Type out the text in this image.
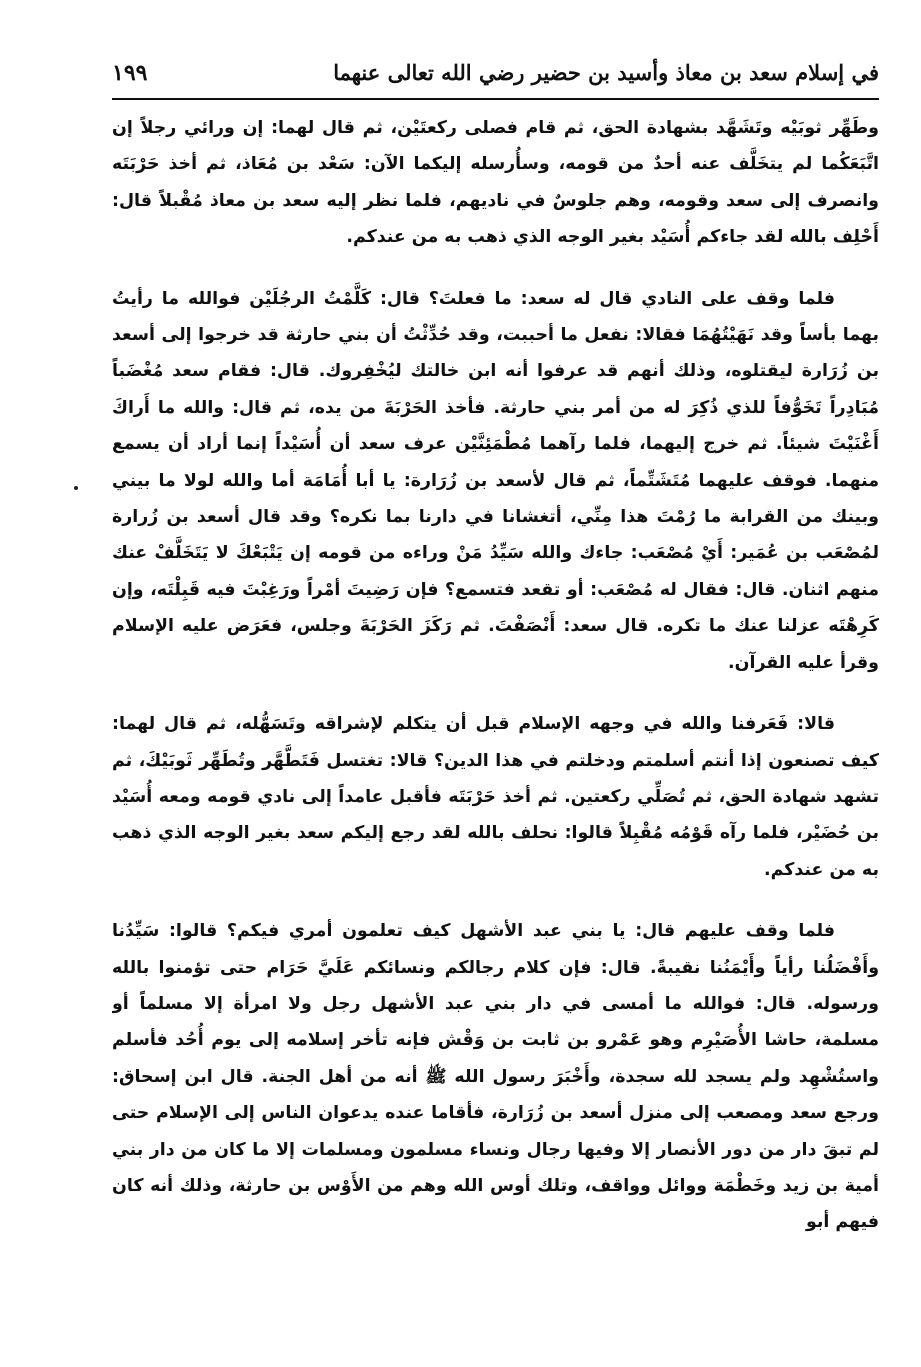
في إسلام سعد بن معاذ وأسيد بن حضير رضي الله تعالى عنهما
١٩٩

وطَهِّر ثوبَيْه وتَشَهَّد بشهادة الحق، ثم قام فصلى ركعتَيْن، ثم قال لهما: إن ورائي رجلاً إن اتَّبَعَكُما لم يتخَلَّف عنه أحدٌ من قومه، وسأُرسله إليكما الآن: سَعْد بن مُعَاذ، ثم أخذ حَرْبَتَه وانصرف إلى سعد وقومه، وهم جلوسٌ في ناديهم، فلما نظر إليه سعد بن معاذ مُقْبلاً قال: أَحْلِف بالله لقد جاءكم أُسَيْد بغير الوجه الذي ذهب به من عندكم.

فلما وقف على النادي قال له سعد: ما فعلتَ؟ قال: كَلَّمْتُ الرجُلَيْن فوالله ما رأيتُ بهما بأساً وقد نَهَيْتُهُمَا فقالا: نفعل ما أحببت، وقد حُدِّثْتُ أن بني حارثة قد خرجوا إلى أسعد بن زُرَارة ليقتلوه، وذلك أنهم قد عرفوا أنه ابن خالتك ليُخْفِروك. قال: فقام سعد مُغْضَباً مُبَادِراً تَخَوُّفاً للذي ذُكِرَ له من أمر بني حارثة. فأخذ الحَرْبَةَ من يده، ثم قال: والله ما أَراكَ أَغْنَيْتَ شيئاً. ثم خرج إليهما، فلما رآهما مُطْمَئِنَّيْن عرف سعد أن أُسَيْداً إنما أراد أن يسمع منهما. فوقف عليهما مُتَشَتِّماً، ثم قال لأسعد بن زُرَارة: يا أبا أُمَامَة أما والله لولا ما بيني وبينك من القرابة ما رُمْتَ هذا مِنِّي، أتغشانا في دارنا بما نكره؟ وقد قال أسعد بن زُرارة لمُصْعَب بن عُمَير: أَيْ مُصْعَب: جاءك والله سَيِّدُ مَنْ وراءه من قومه إن يَتْبَعْكَ لا يَتَخَلَّفْ عنك منهم اثنان. قال: فقال له مُصْعَب: أو تقعد فتسمع؟ فإن رَضِيتَ أمْراً ورَغِبْتَ فيه قَبِلْتَه، وإن كَرِهْتَه عزلنا عنك ما تكره. قال سعد: أَنْصَفْتَ. ثم رَكَزَ الحَرْبَةَ وجلس، فعَرَض عليه الإسلام وقرأ عليه القرآن.

قالا: فَعَرفنا والله في وجهه الإسلام قبل أن يتكلم لإشراقه وتَسَهُّله، ثم قال لهما: كيف تصنعون إذا أنتم أسلمتم ودخلتم في هذا الدين؟ قالا: تغتسل فَتَطَّهَّر وتُطَهِّر ثَوبَيْكَ، ثم تشهد شهادة الحق، ثم تُصَلِّي ركعتين. ثم أخذ حَرْبَتَه فأقبل عامداً إلى نادي قومه ومعه أُسَيْد بن حُضَيْر، فلما رآه قَوْمُه مُقْبِلاً قالوا: نحلف بالله لقد رجع إليكم سعد بغير الوجه الذي ذهب به من عندكم.

فلما وقف عليهم قال: يا بني عبد الأشهل كيف تعلمون أمري فيكم؟ قالوا: سَيِّدُنا وأَفْضَلُنا رأياً وأَيْمَنُنا نقيبةً. قال: فإن كلام رجالكم ونسائكم عَلَيَّ حَرَام حتى تؤمنوا بالله ورسوله. قال: فوالله ما أمسى في دار بني عبد الأشهل رجل ولا امرأة إلا مسلماً أو مسلمة، حاشا الأُصَيْرِم وهو عَمْرو بن ثابت بن وَقْش فإنه تأخر إسلامه إلى يوم أُحُد فأسلم واستُشْهِد ولم يسجد لله سجدة، وأَخْبَرَ رسول الله ﷺ أنه من أهل الجنة. قال ابن إسحاق: ورجع سعد ومصعب إلى منزل أسعد بن زُرَارة، فأقاما عنده يدعوان الناس إلى الإسلام حتى لم تبقَ دار من دور الأنصار إلا وفيها رجال ونساء مسلمون ومسلمات إلا ما كان من دار بني أمية بن زيد وخَطْمَة ووائل وواقف، وتلك أوس الله وهم من الأَوْس بن حارثة، وذلك أنه كان فيهم أبو
